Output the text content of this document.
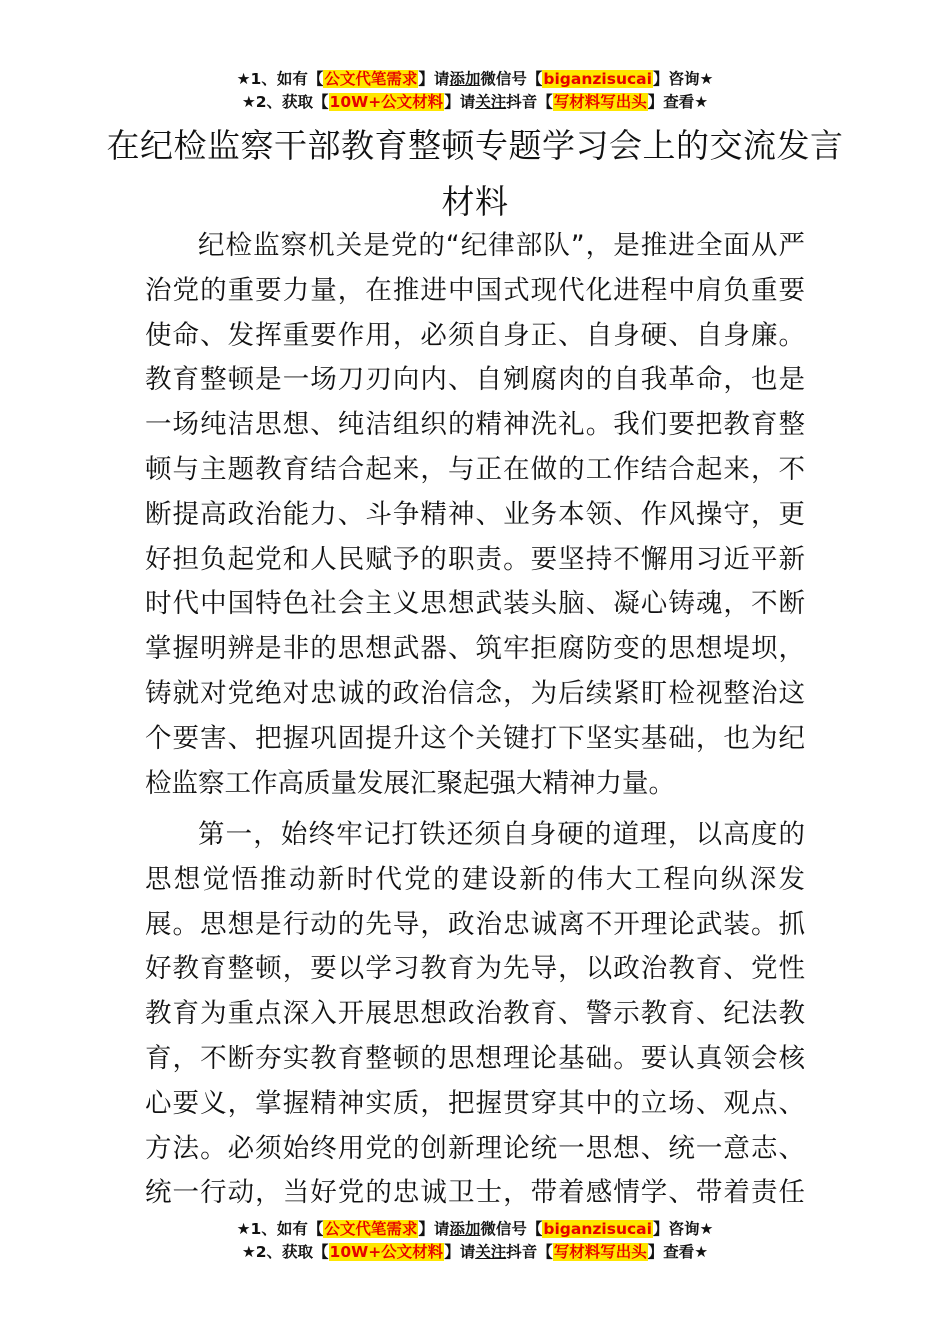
★1、如有【公文代笔需求】请添加微信号【biganzisucai】咨询★
★2、获取【10W+公文材料】请关注抖音【写材料写出头】查看★
在纪检监察干部教育整顿专题学习会上的交流发言材料

纪检监察机关是党的“纪律部队”，是推进全面从严治党的重要力量，在推进中国式现代化进程中肩负重要使命、发挥重要作用，必须自身正、自身硬、自身廉。教育整顿是一场刀刃向内、自剜腐肉的自我革命，也是一场纯洁思想、纯洁组织的精神洗礼。我们要把教育整顿与主题教育结合起来，与正在做的工作结合起来，不断提高政治能力、斗争精神、业务本领、作风操守，更好担负起党和人民赋予的职责。要坚持不懈用习近平新时代中国特色社会主义思想武装头脑、凝心铸魂，不断掌握明辨是非的思想武器、筑牢拒腐防变的思想堤坝，铸就对党绝对忠诚的政治信念，为后续紧盯检视整治这个要害、把握巩固提升这个关键打下坚实基础，也为纪检监察工作高质量发展汇聚起强大精神力量。

第一，始终牢记打铁还须自身硬的道理，以高度的思想觉悟推动新时代党的建设新的伟大工程向纵深发展。思想是行动的先导，政治忠诚离不开理论武装。抓好教育整顿，要以学习教育为先导，以政治教育、党性教育为重点深入开展思想政治教育、警示教育、纪法教育，不断夯实教育整顿的思想理论基础。要认真领会核心要义，掌握精神实质，把握贯穿其中的立场、观点、方法。必须始终用党的创新理论统一思想、统一意志、统一行动，当好党的忠诚卫士，带着感情学、带着责任

★1、如有【公文代笔需求】请添加微信号【biganzisucai】咨询★
★2、获取【10W+公文材料】请关注抖音【写材料写出头】查看★
